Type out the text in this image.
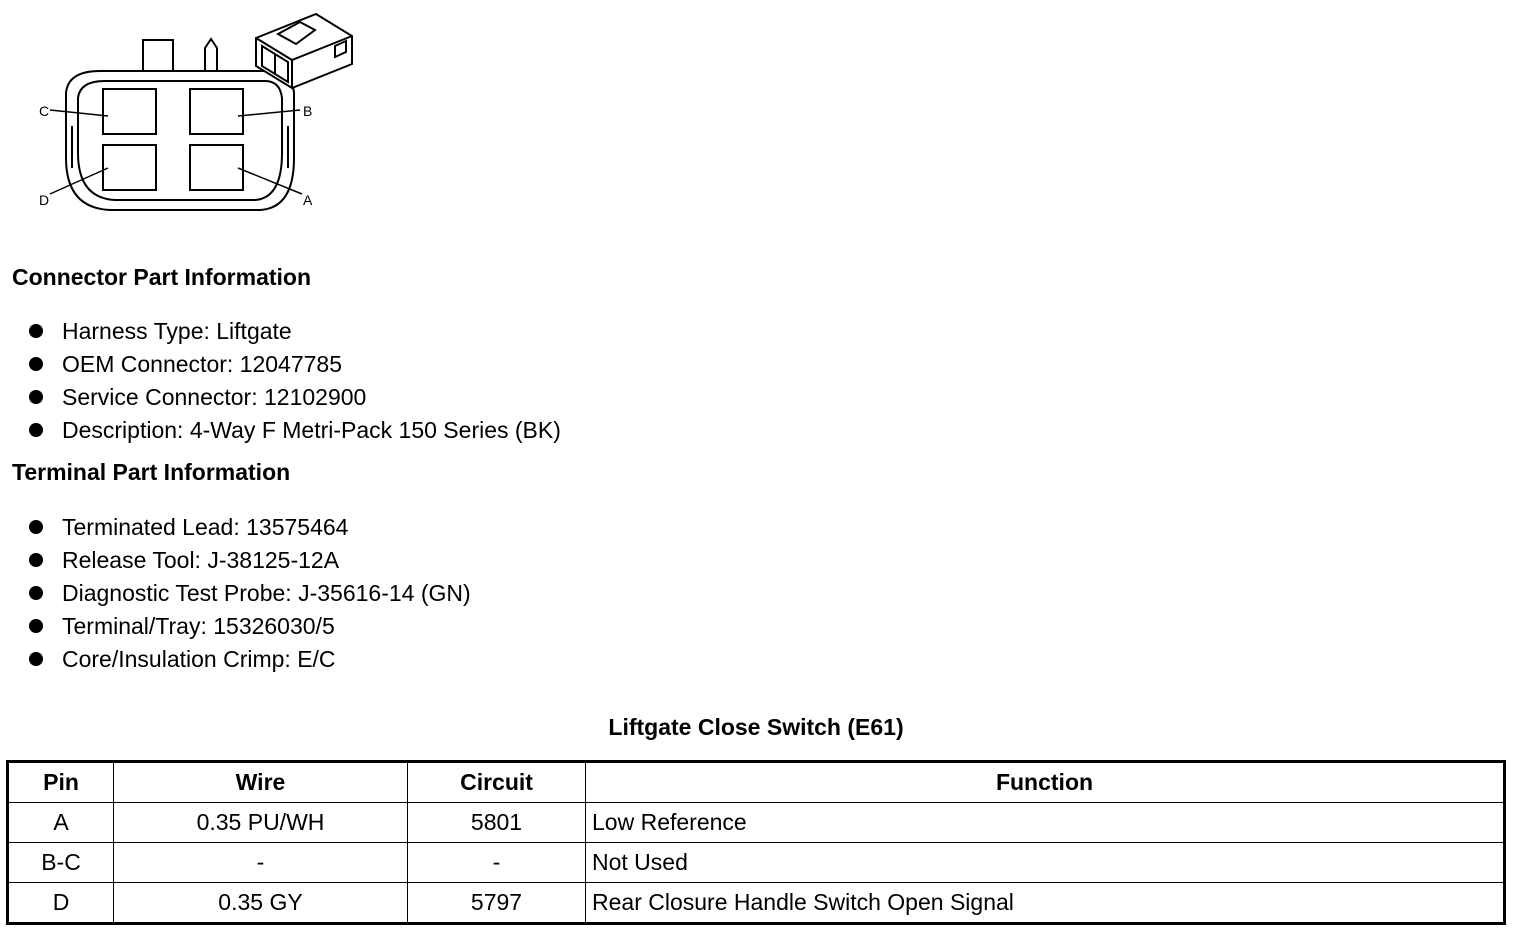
C	B
D	A
Connector Part Information
Harness Type: Liftgate
OEM Connector: 12047785
Service Connector: 12102900
Description: 4-Way F Metri-Pack 150 Series (BK)
Terminal Part Information
Terminated Lead: 13575464
Release Tool: J-38125-12A
Diagnostic Test Probe: J-35616-14 (GN)
Terminal/Tray: 15326030/5
Core/Insulation Crimp: E/C
Liftgate Close Switch (E61)
Pin	Wire	Circuit	Function
A	0.35 PU/WH	5801	Low Reference
B-C	-	-	Not Used
D	0.35 GY	5797	Rear Closure Handle Switch Open Signal
